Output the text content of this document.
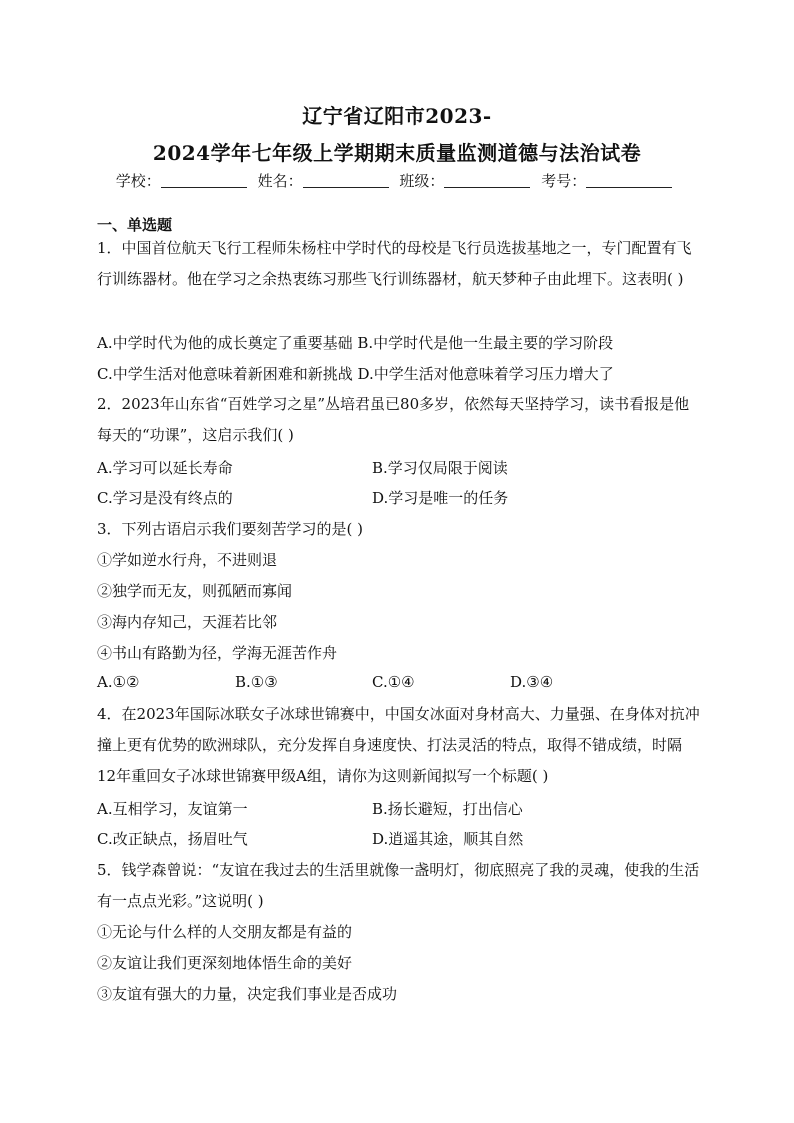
辽宁省辽阳市2023-
2024学年七年级上学期期末质量监测道德与法治试卷
学校：	姓名：	班级：	考号：
一、单选题
1．中国首位航天飞行工程师朱杨柱中学时代的母校是飞行员选拔基地之一，专门配置有飞行训练器材。他在学习之余热衷练习那些飞行训练器材，航天梦种子由此埋下。这表明( )
A.中学时代为他的成长奠定了重要基础 B.中学时代是他一生最主要的学习阶段
C.中学生活对他意味着新困难和新挑战 D.中学生活对他意味着学习压力增大了
2．2023年山东省“百姓学习之星”丛培君虽已80多岁，依然每天坚持学习，读书看报是他每天的“功课”，这启示我们( )
A.学习可以延长寿命	B.学习仅局限于阅读
C.学习是没有终点的	D.学习是唯一的任务
3．下列古语启示我们要刻苦学习的是( )
①学如逆水行舟，不进则退
②独学而无友，则孤陋而寡闻
③海内存知己，天涯若比邻
④书山有路勤为径，学海无涯苦作舟
A.①②	B.①③	C.①④	D.③④
4．在2023年国际冰联女子冰球世锦赛中，中国女冰面对身材高大、力量强、在身体对抗冲撞上更有优势的欧洲球队，充分发挥自身速度快、打法灵活的特点，取得不错成绩，时隔12年重回女子冰球世锦赛甲级A组，请你为这则新闻拟写一个标题( )
A.互相学习，友谊第一	B.扬长避短，打出信心
C.改正缺点，扬眉吐气	D.逍遥其途，顺其自然
5．钱学森曾说：“友谊在我过去的生活里就像一盏明灯，彻底照亮了我的灵魂，使我的生活有一点点光彩。”这说明( )
①无论与什么样的人交朋友都是有益的
②友谊让我们更深刻地体悟生命的美好
③友谊有强大的力量，决定我们事业是否成功
